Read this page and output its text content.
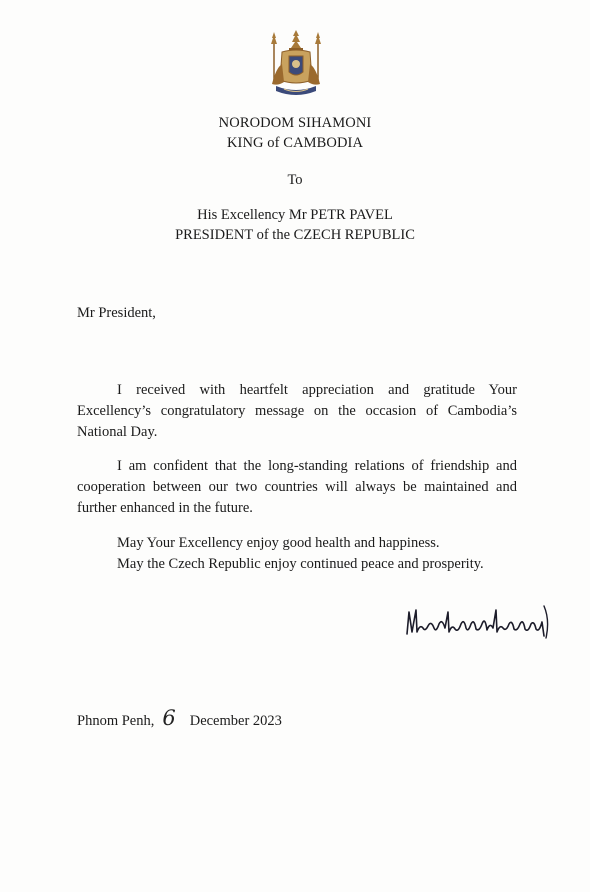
NORODOM SIHAMONI
KING of CAMBODIA
To
His Excellency Mr PETR PAVEL
PRESIDENT of the CZECH REPUBLIC
Mr President,
I received with heartfelt appreciation and gratitude Your Excellency’s congratulatory message on the occasion of Cambodia’s National Day.
I am confident that the long-standing relations of friendship and cooperation between our two countries will always be maintained and further enhanced in the future.
May Your Excellency enjoy good health and happiness.
May the Czech Republic enjoy continued peace and prosperity.
Phnom Penh, 6 December 2023
